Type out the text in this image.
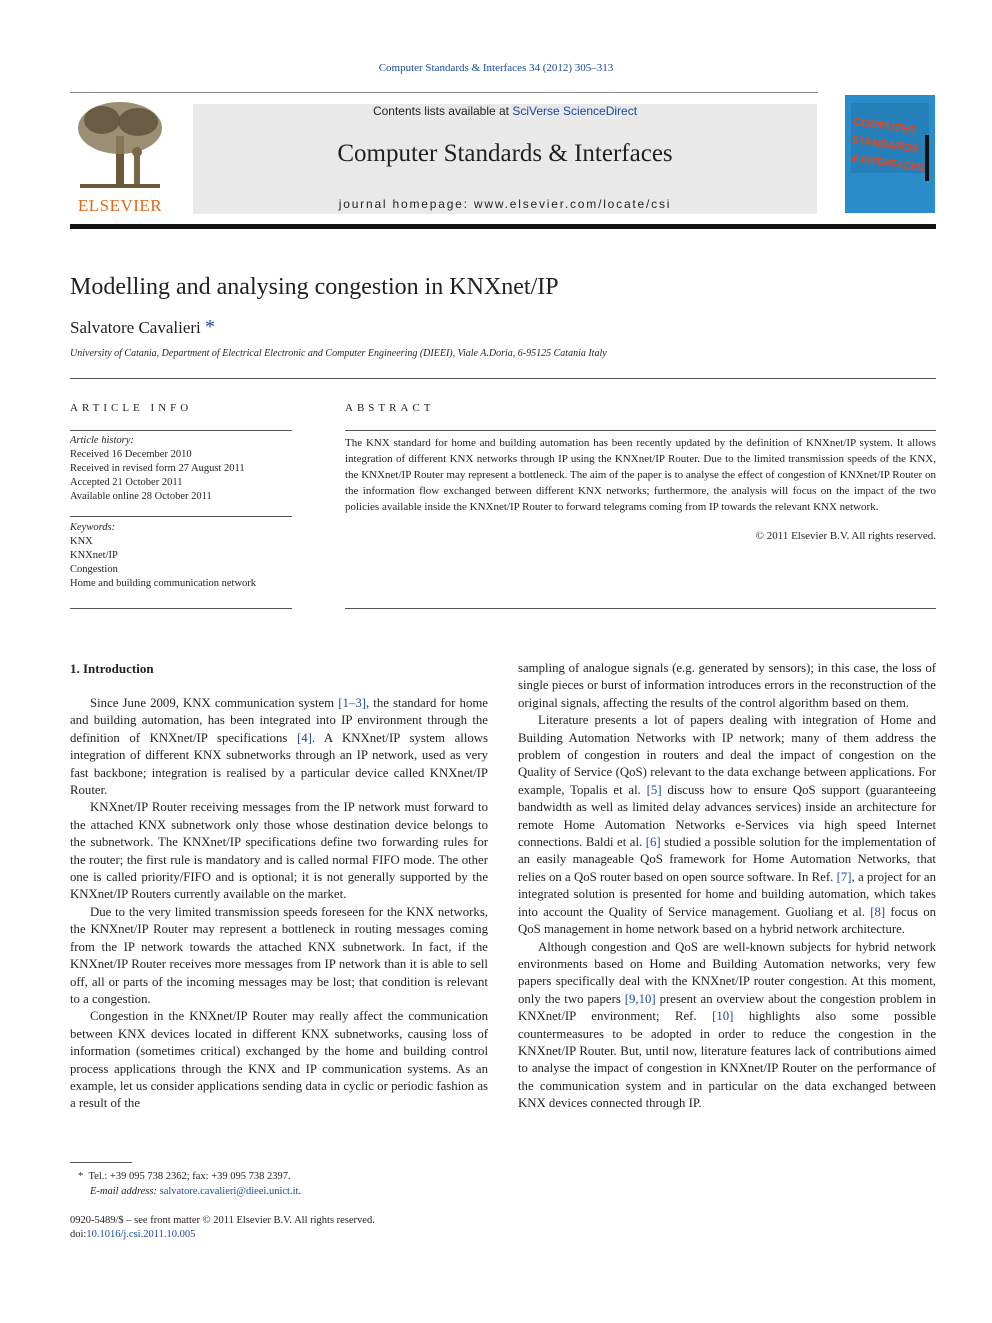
Computer Standards & Interfaces 34 (2012) 305–313
ELSEVIER
Contents lists available at SciVerse ScienceDirect
Computer Standards & Interfaces
journal homepage: www.elsevier.com/locate/csi
COMPUTER
STANDARDS
& INTERFACES
Modelling and analysing congestion in KNXnet/IP
Salvatore Cavalieri *
University of Catania, Department of Electrical Electronic and Computer Engineering (DIEEI), Viale A.Doria, 6-95125 Catania Italy
ARTICLE INFO
Article history:
Received 16 December 2010
Received in revised form 27 August 2011
Accepted 21 October 2011
Available online 28 October 2011
Keywords:
KNX
KNXnet/IP
Congestion
Home and building communication network
ABSTRACT
The KNX standard for home and building automation has been recently updated by the definition of KNXnet/IP system. It allows integration of different KNX networks through IP using the KNXnet/IP Router. Due to the limited transmission speeds of the KNX, the KNXnet/IP Router may represent a bottleneck. The aim of the paper is to analyse the effect of congestion of KNXnet/IP Router on the information flow exchanged between different KNX networks; furthermore, the analysis will focus on the impact of the two policies available inside the KNXnet/IP Router to forward telegrams coming from IP towards the relevant KNX network.
© 2011 Elsevier B.V. All rights reserved.
1. Introduction

Since June 2009, KNX communication system [1–3], the standard for home and building automation, has been integrated into IP environment through the definition of KNXnet/IP specifications [4]. A KNXnet/IP system allows integration of different KNX subnetworks through an IP network, used as very fast backbone; integration is realised by a particular device called KNXnet/IP Router.

KNXnet/IP Router receiving messages from the IP network must forward to the attached KNX subnetwork only those whose destination device belongs to the subnetwork. The KNXnet/IP specifications define two forwarding rules for the router; the first rule is mandatory and is called normal FIFO mode. The other one is called priority/FIFO and is optional; it is not generally supported by the KNXnet/IP Routers currently available on the market.

Due to the very limited transmission speeds foreseen for the KNX networks, the KNXnet/IP Router may represent a bottleneck in routing messages coming from the IP network towards the attached KNX subnetwork. In fact, if the KNXnet/IP Router receives more messages from IP network than it is able to sell off, all or parts of the incoming messages may be lost; that condition is relevant to a congestion.

Congestion in the KNXnet/IP Router may really affect the communication between KNX devices located in different KNX subnetworks, causing loss of information (sometimes critical) exchanged by the home and building control process applications through the KNX and IP communication systems. As an example, let us consider applications sending data in cyclic or periodic fashion as a result of the

sampling of analogue signals (e.g. generated by sensors); in this case, the loss of single pieces or burst of information introduces errors in the reconstruction of the original signals, affecting the results of the control algorithm based on them.

Literature presents a lot of papers dealing with integration of Home and Building Automation Networks with IP network; many of them address the problem of congestion in routers and deal the impact of congestion on the Quality of Service (QoS) relevant to the data exchange between applications. For example, Topalis et al. [5] discuss how to ensure QoS support (guaranteeing bandwidth as well as limited delay advances services) inside an architecture for remote Home Automation Networks e-Services via high speed Internet connections. Baldi et al. [6] studied a possible solution for the implementation of an easily manageable QoS framework for Home Automation Networks, that relies on a QoS router based on open source software. In Ref. [7], a project for an integrated solution is presented for home and building automation, which takes into account the Quality of Service management. Guoliang et al. [8] focus on QoS management in home network based on a hybrid network architecture.

Although congestion and QoS are well-known subjects for hybrid network environments based on Home and Building Automation networks, very few papers specifically deal with the KNXnet/IP router congestion. At this moment, only the two papers [9,10] present an overview about the congestion problem in KNXnet/IP environment; Ref. [10] highlights also some possible countermeasures to be adopted in order to reduce the congestion in the KNXnet/IP Router. But, until now, literature features lack of contributions aimed to analyse the impact of congestion in KNXnet/IP Router on the performance of the communication system and in particular on the data exchanged between KNX devices connected through IP.

* Tel.: +39 095 738 2362; fax: +39 095 738 2397.
E-mail address: salvatore.cavalieri@dieei.unict.it.
0920-5489/$ – see front matter © 2011 Elsevier B.V. All rights reserved.
doi:10.1016/j.csi.2011.10.005
